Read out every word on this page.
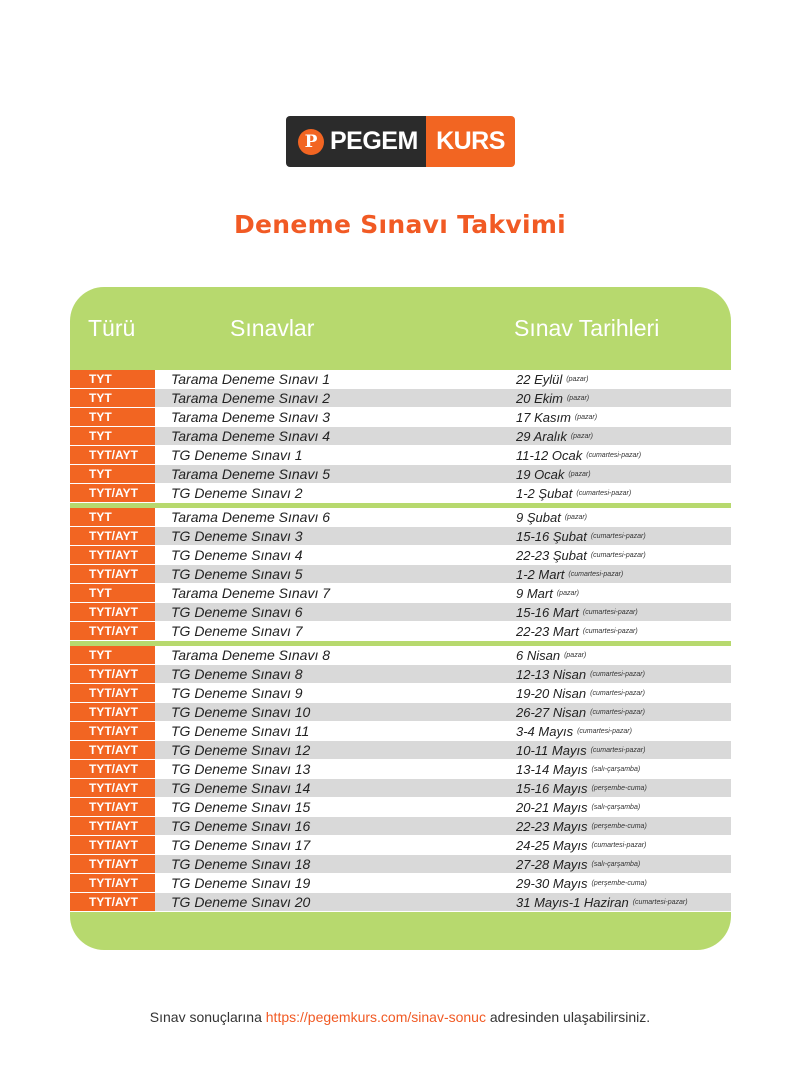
P PEGEM KURS
Deneme Sınavı Takvimi
Türü	Sınavlar	Sınav Tarihleri
TYT	Tarama Deneme Sınavı 1	22 Eylül (pazar)
TYT	Tarama Deneme Sınavı 2	20 Ekim (pazar)
TYT	Tarama Deneme Sınavı 3	17 Kasım (pazar)
TYT	Tarama Deneme Sınavı 4	29 Aralık (pazar)
TYT/AYT	TG Deneme Sınavı 1	11-12 Ocak (cumartesi-pazar)
TYT	Tarama Deneme Sınavı 5	19 Ocak (pazar)
TYT/AYT	TG Deneme Sınavı 2	1-2 Şubat (cumartesi-pazar)
TYT	Tarama Deneme Sınavı 6	9 Şubat (pazar)
TYT/AYT	TG Deneme Sınavı 3	15-16 Şubat (cumartesi-pazar)
TYT/AYT	TG Deneme Sınavı 4	22-23 Şubat (cumartesi-pazar)
TYT/AYT	TG Deneme Sınavı 5	1-2 Mart (cumartesi-pazar)
TYT	Tarama Deneme Sınavı 7	9 Mart (pazar)
TYT/AYT	TG Deneme Sınavı 6	15-16 Mart (cumartesi-pazar)
TYT/AYT	TG Deneme Sınavı 7	22-23 Mart (cumartesi-pazar)
TYT	Tarama Deneme Sınavı 8	6 Nisan (pazar)
TYT/AYT	TG Deneme Sınavı 8	12-13 Nisan (cumartesi-pazar)
TYT/AYT	TG Deneme Sınavı 9	19-20 Nisan (cumartesi-pazar)
TYT/AYT	TG Deneme Sınavı 10	26-27 Nisan (cumartesi-pazar)
TYT/AYT	TG Deneme Sınavı 11	3-4 Mayıs (cumartesi-pazar)
TYT/AYT	TG Deneme Sınavı 12	10-11 Mayıs (cumartesi-pazar)
TYT/AYT	TG Deneme Sınavı 13	13-14 Mayıs (salı-çarşamba)
TYT/AYT	TG Deneme Sınavı 14	15-16 Mayıs (perşembe-cuma)
TYT/AYT	TG Deneme Sınavı 15	20-21 Mayıs (salı-çarşamba)
TYT/AYT	TG Deneme Sınavı 16	22-23 Mayıs (perşembe-cuma)
TYT/AYT	TG Deneme Sınavı 17	24-25 Mayıs (cumartesi-pazar)
TYT/AYT	TG Deneme Sınavı 18	27-28 Mayıs (salı-çarşamba)
TYT/AYT	TG Deneme Sınavı 19	29-30 Mayıs (perşembe-cuma)
TYT/AYT	TG Deneme Sınavı 20	31 Mayıs-1 Haziran (cumartesi-pazar)
Sınav sonuçlarına https://pegemkurs.com/sinav-sonuc adresinden ulaşabilirsiniz.
